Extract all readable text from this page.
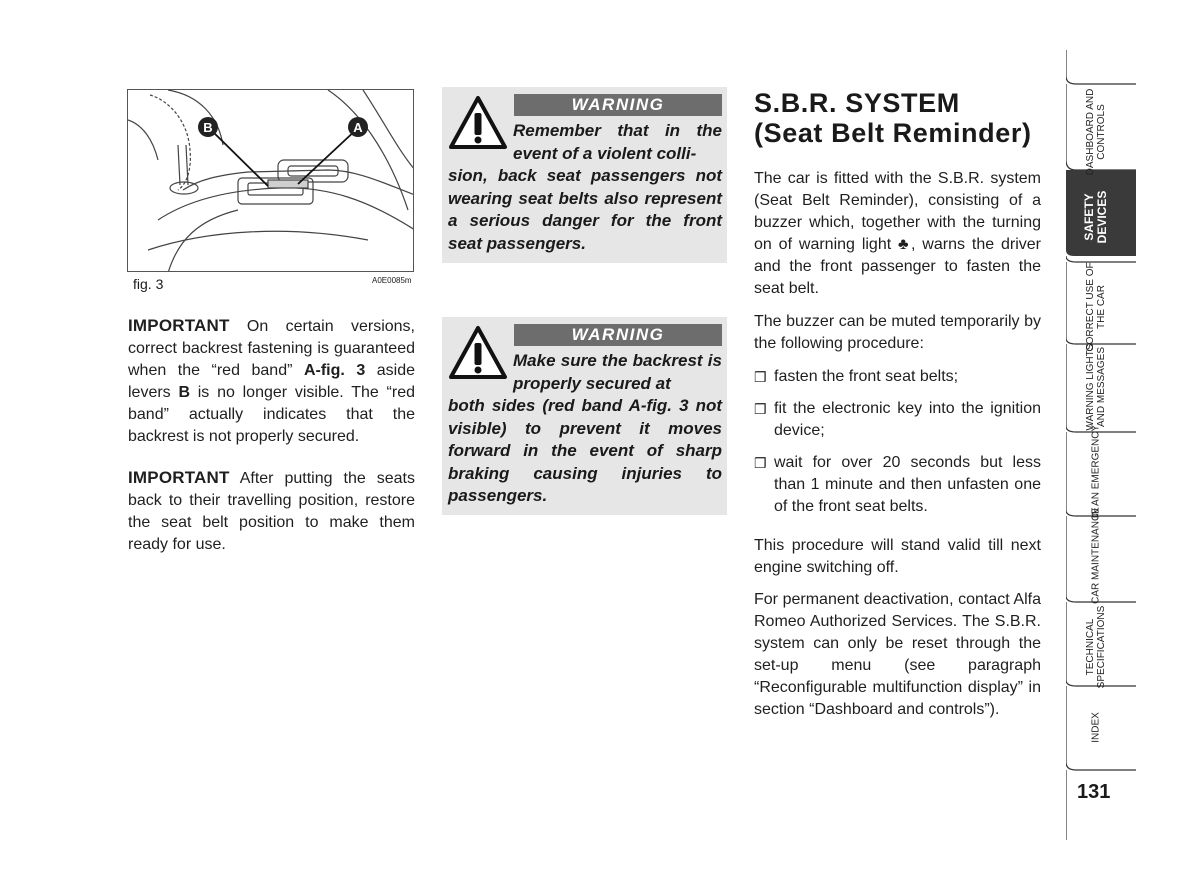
B	A
fig. 3	A0E0085m
IMPORTANT On certain versions, correct backrest fastening is guaranteed when the “red band” A-fig. 3 aside levers B is no longer visible. The “red band” actually indicates that the backrest is not properly secured.
IMPORTANT After putting the seats back to their travelling position, restore the seat belt position to make them ready for use.
WARNING
Remember that in the event of a violent colli-
sion, back seat passengers not wearing seat belts also represent a serious danger for the front seat passengers.
WARNING
Make sure the backrest is properly secured at
both sides (red band A-fig. 3 not visible) to prevent it moves forward in the event of sharp braking causing injuries to passengers.
S.B.R. SYSTEM
(Seat Belt Reminder)
The car is fitted with the S.B.R. system (Seat Belt Reminder), consisting of a buzzer which, together with the turning on of warning light ♣, warns the driver and the front passenger to fasten the seat belt.
The buzzer can be muted temporarily by the following procedure:
❒ fasten the front seat belts;
❒ fit the electronic key into the ignition device;
❒ wait for over 20 seconds but less than 1 minute and then unfasten one of the front seat belts.
This procedure will stand valid till next engine switching off.
For permanent deactivation, contact Alfa Romeo Authorized Services. The S.B.R. system can only be reset through the set-up menu (see paragraph “Reconfigurable multifunction display” in section “Dashboard and controls”).
DASHBOARD AND CONTROLS
SAFETY DEVICES
CORRECT USE OF THE CAR
WARNING LIGHTS AND MESSAGES
IN AN EMERGENCY
CAR MAINTENANCE
TECHNICAL SPECIFICATIONS
INDEX
131
